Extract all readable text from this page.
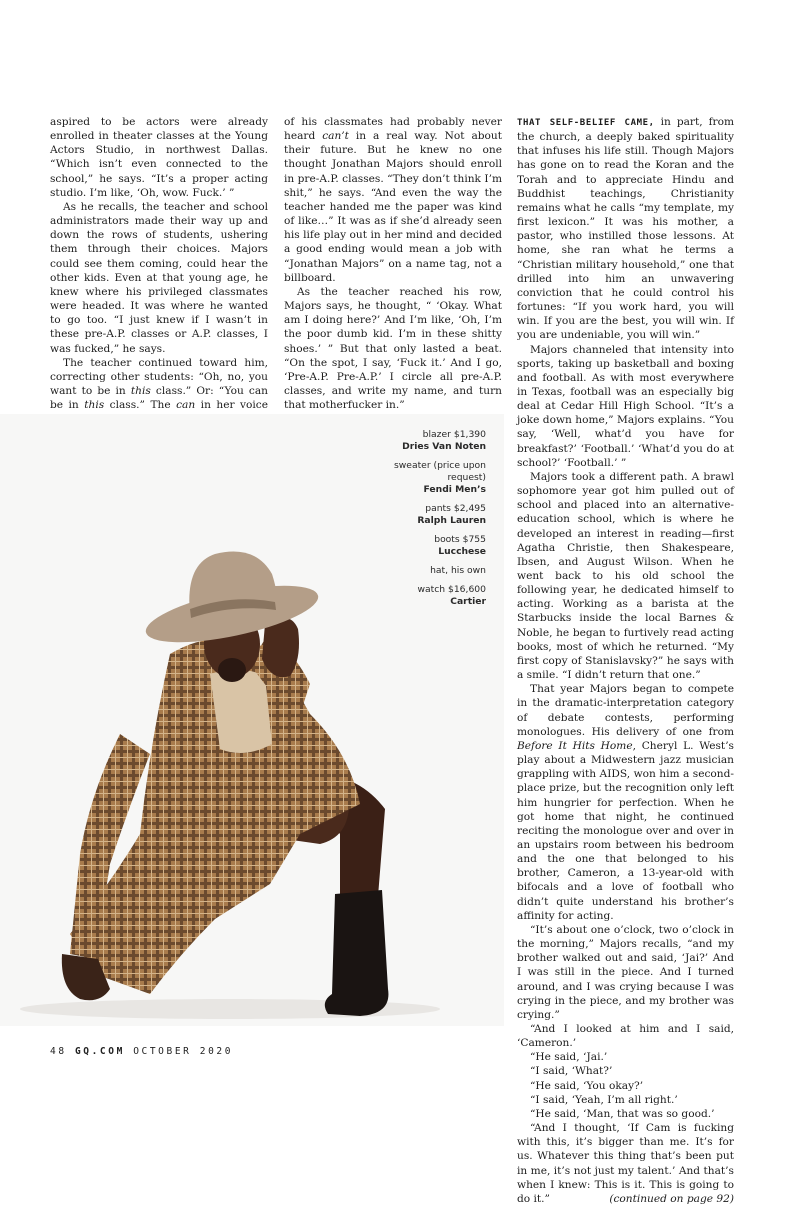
aspired to be actors were already enrolled in theater classes at the Young Actors Studio, in northwest Dallas. “Which isn’t even connected to the school,” he says. “It’s a proper acting studio. I’m like, ‘Oh, wow. Fuck.’ ”

As he recalls, the teacher and school administrators made their way up and down the rows of students, ushering them through their choices. Majors could see them coming, could hear the other kids. Even at that young age, he knew where his privileged classmates were headed. It was where he wanted to go too. “I just knew if I wasn’t in these pre-A.P. classes or A.P. classes, I was fucked,” he says.

The teacher continued toward him, correcting other students: “Oh, no, you want to be in this class.” Or: “You can be in this class.” The can in her voice

of his classmates had probably never heard can’t in a real way. Not about their future. But he knew no one thought Jonathan Majors should enroll in pre-A.P. classes. “They don’t think I’m shit,” he says. “And even the way the teacher handed me the paper was kind of like…” It was as if she’d already seen his life play out in her mind and decided a good ending would mean a job with “Jonathan Majors” on a name tag, not a billboard.

As the teacher reached his row, Majors says, he thought, “ ‘Okay. What am I doing here?’ And I’m like, ‘Oh, I’m the poor dumb kid. I’m in these shitty shoes.’ ” But that only lasted a beat. “On the spot, I say, ‘Fuck it.’ And I go, ‘Pre-A.P. Pre-A.P.’ I circle all pre-A.P. classes, and write my name, and turn that motherfucker in.”

THAT SELF-BELIEF CAME, in part, from the church, a deeply baked spirituality that infuses his life still. Though Majors has gone on to read the Koran and the Torah and to appreciate Hindu and Buddhist teachings, Christianity remains what he calls “my template, my first lexicon.” It was his mother, a pastor, who instilled those lessons. At home, she ran what he terms a “Christian military household,” one that drilled into him an unwavering conviction that he could control his fortunes: “If you work hard, you will win. If you are the best, you will win. If you are undeniable, you will win.”

Majors channeled that intensity into sports, taking up basketball and boxing and football. As with most everywhere in Texas, football was an especially big deal at Cedar Hill High School. “It’s a joke down home,” Majors explains. “You say, ‘Well, what’d you have for breakfast?’ ‘Football.’ ‘What’d you do at school?’ ‘Football.’ ”

Majors took a different path. A brawl sophomore year got him pulled out of school and placed into an alternative-education school, which is where he developed an interest in reading—first Agatha Christie, then Shakespeare, Ibsen, and August Wilson. When he went back to his old school the following year, he dedicated himself to acting. Working as a barista at the Starbucks inside the local Barnes & Noble, he began to furtively read acting books, most of which he returned. “My first copy of Stanislavsky?” he says with a smile. “I didn’t return that one.”

That year Majors began to compete in the dramatic-interpretation category of debate contests, performing monologues. His delivery of one from Before It Hits Home, Cheryl L. West’s play about a Midwestern jazz musician grappling with AIDS, won him a second-place prize, but the recognition only left him hungrier for perfection. When he got home that night, he continued reciting the monologue over and over in an upstairs room between his bedroom and the one that belonged to his brother, Cameron, a 13-year-old with bifocals and a love of football who didn’t quite understand his brother’s affinity for acting.

“It’s about one o’clock, two o’clock in the morning,” Majors recalls, “and my brother walked out and said, ‘Jai?’ And I was still in the piece. And I turned around, and I was crying because I was crying in the piece, and my brother was crying.”

“And I looked at him and I said, ‘Cameron.’

“He said, ‘Jai.’

“I said, ‘What?’

“He said, ‘You okay?’

“I said, ‘Yeah, I’m all right.’

“He said, ‘Man, that was so good.’

“And I thought, ‘If Cam is fucking with this, it’s bigger than me. It’s for us. Whatever this thing that’s been put in me, it’s not just my talent.’ And that’s when I knew: This is it. This is going to do it.”	(continued on page 92)

blazer $1,390
Dries Van Noten
sweater (price upon request)
Fendi Men’s
pants $2,495
Ralph Lauren
boots $755
Lucchese
hat, his own
watch $16,600
Cartier
48 GQ.COM OCTOBER 2020
